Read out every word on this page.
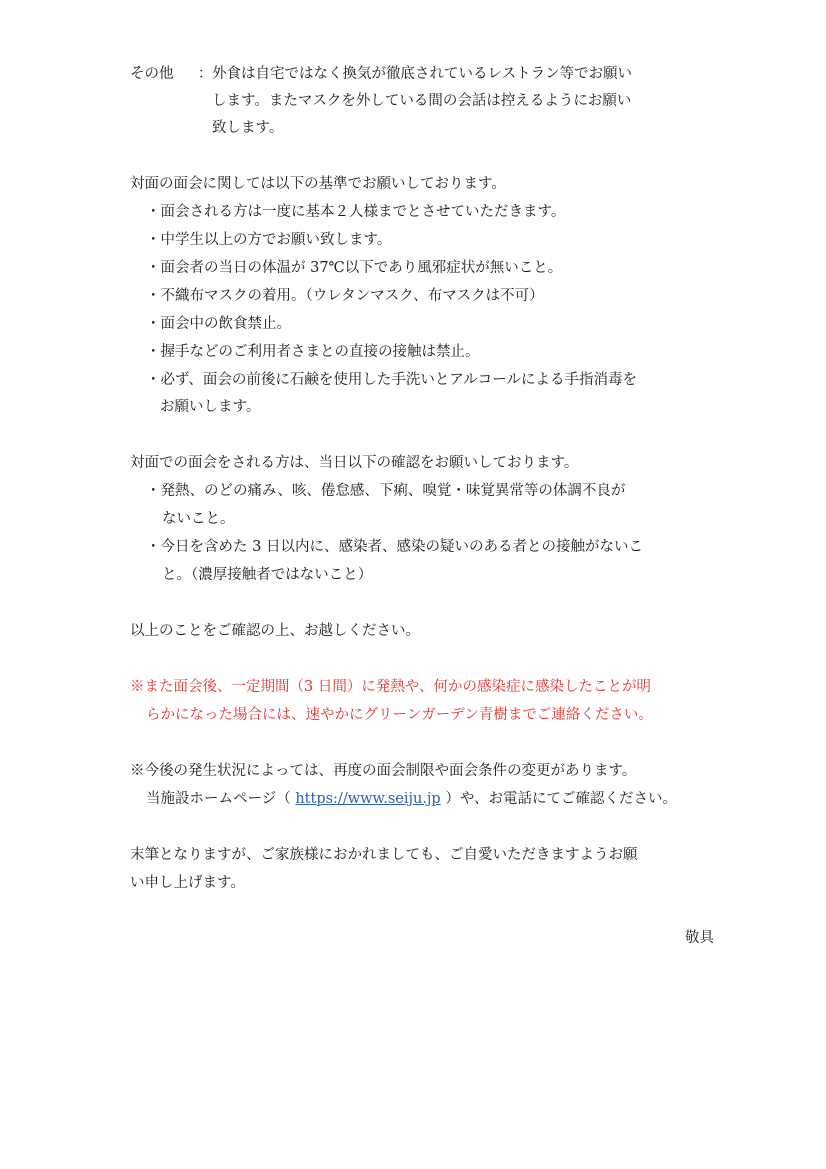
その他 ： 外食は自宅ではなく換気が徹底されているレストラン等でお願い
します。またマスクを外している間の会話は控えるようにお願い
致します。
対面の面会に関しては以下の基準でお願いしております。
・面会される方は一度に基本２人様までとさせていただきます。
・中学生以上の方でお願い致します。
・面会者の当日の体温が 37℃以下であり風邪症状が無いこと。
・不織布マスクの着用。（ウレタンマスク、布マスクは不可）
・面会中の飲食禁止。
・握手などのご利用者さまとの直接の接触は禁止。
・必ず、面会の前後に石鹸を使用した手洗いとアルコールによる手指消毒を
お願いします。
対面での面会をされる方は、当日以下の確認をお願いしております。
・発熱、のどの痛み、咳、倦怠感、下痢、嗅覚・味覚異常等の体調不良が
ないこと。
・今日を含めた 3 日以内に、感染者、感染の疑いのある者との接触がないこ
と。（濃厚接触者ではないこと）
以上のことをご確認の上、お越しください。
※また面会後、一定期間（3 日間）に発熱や、何かの感染症に感染したことが明
らかになった場合には、速やかにグリーンガーデン青樹までご連絡ください。
※今後の発生状況によっては、再度の面会制限や面会条件の変更があります。
当施設ホームページ（ https://www.seiju.jp ）や、お電話にてご確認ください。
末筆となりますが、ご家族様におかれましても、ご自愛いただきますようお願
い申し上げます。
敬具
